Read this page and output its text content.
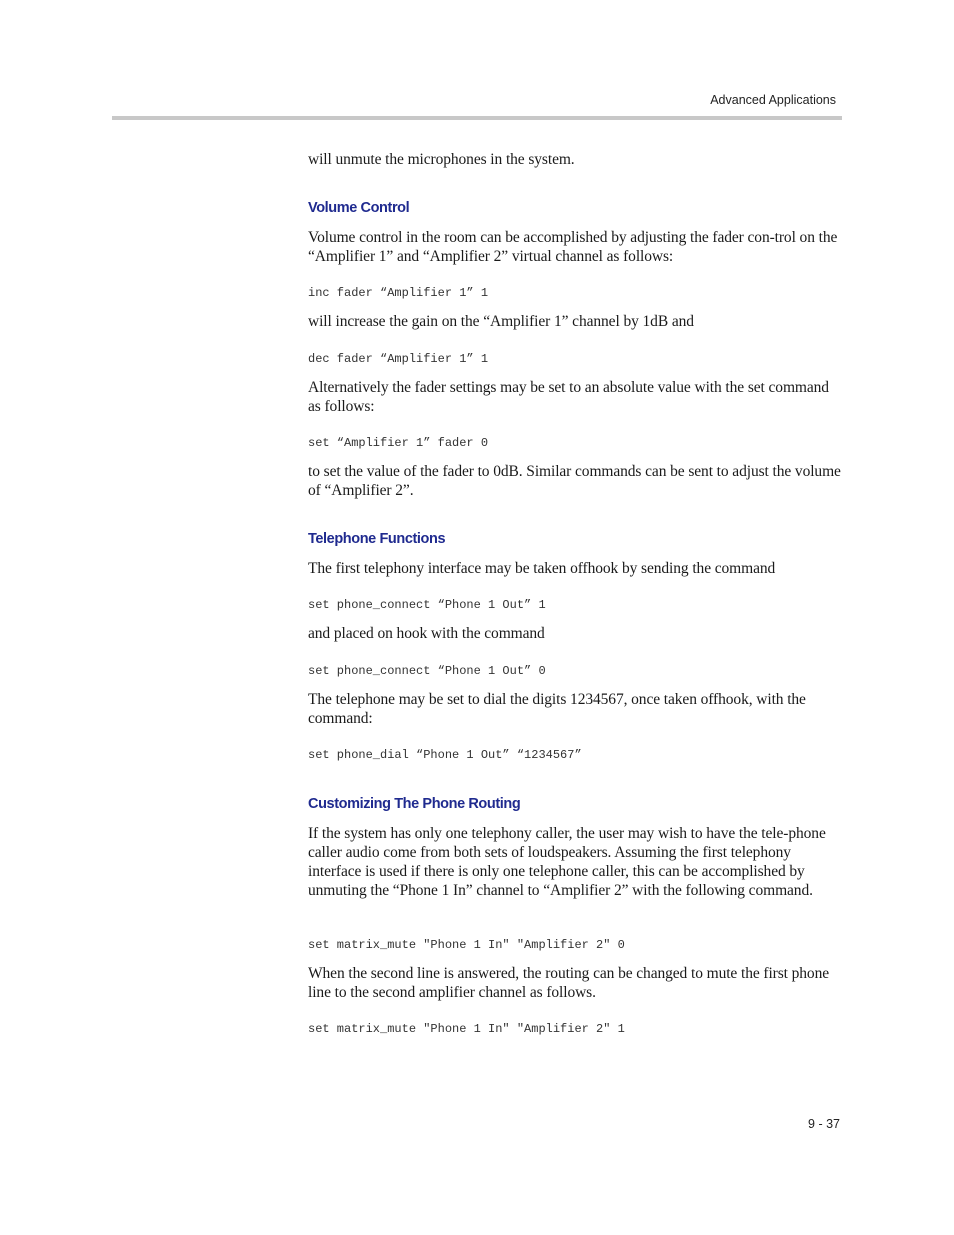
Advanced Applications

will unmute the microphones in the system.

Volume Control

Volume control in the room can be accomplished by adjusting the fader con-trol on the “Amplifier 1” and “Amplifier 2” virtual channel as follows:

inc fader “Amplifier 1” 1

will increase the gain on the “Amplifier 1” channel by 1dB and

dec fader “Amplifier 1” 1

Alternatively the fader settings may be set to an absolute value with the set command as follows:

set “Amplifier 1” fader 0

to set the value of the fader to 0dB. Similar commands can be sent to adjust the volume of “Amplifier 2”.

Telephone Functions

The first telephony interface may be taken offhook by sending the command

set phone_connect “Phone 1 Out” 1

and placed on hook with the command

set phone_connect “Phone 1 Out” 0

The telephone may be set to dial the digits 1234567, once taken offhook, with the command:

set phone_dial “Phone 1 Out” “1234567”
Customizing The Phone Routing

If the system has only one telephony caller, the user may wish to have the tele-phone caller audio come from both sets of loudspeakers. Assuming the first telephony interface is used if there is only one telephone caller, this can be accomplished by unmuting the “Phone 1 In” channel to “Amplifier 2” with the following command.

set matrix_mute "Phone 1 In" "Amplifier 2" 0

When the second line is answered, the routing can be changed to mute the first phone line to the second amplifier channel as follows.

set matrix_mute "Phone 1 In" "Amplifier 2" 1
9 - 37
